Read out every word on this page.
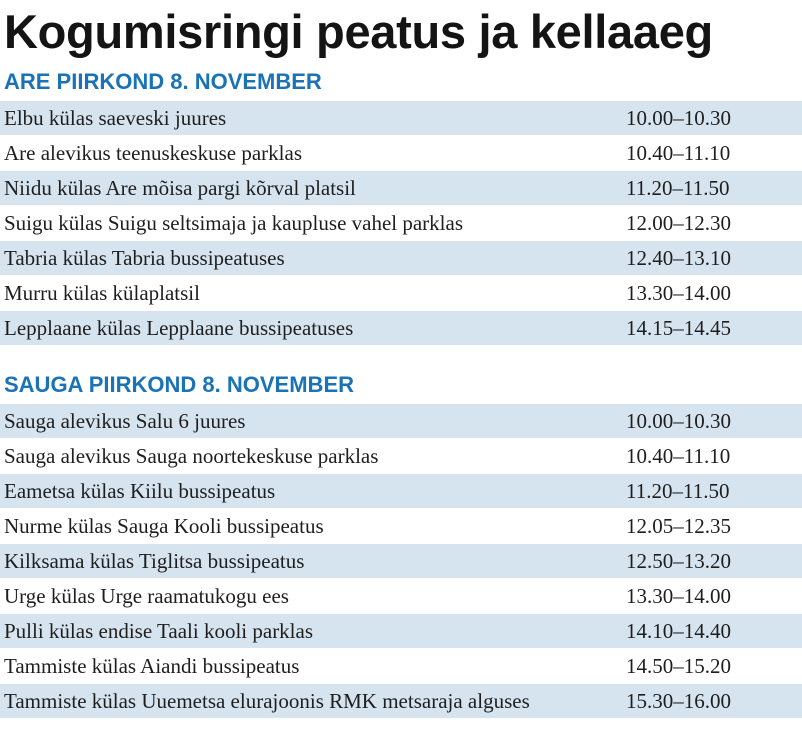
Kogumisringi peatus ja kellaaeg
ARE PIIRKOND 8. NOVEMBER
Elbu külas saeveski juures	10.00–10.30
Are alevikus teenuskeskuse parklas	10.40–11.10
Niidu külas Are mõisa pargi kõrval platsil	11.20–11.50
Suigu külas Suigu seltsimaja ja kaupluse vahel parklas	12.00–12.30
Tabria külas Tabria bussipeatuses	12.40–13.10
Murru külas külaplatsil	13.30–14.00
Lepplaane külas Lepplaane bussipeatuses	14.15–14.45
SAUGA PIIRKOND 8. NOVEMBER
Sauga alevikus Salu 6 juures	10.00–10.30
Sauga alevikus Sauga noortekeskuse parklas	10.40–11.10
Eametsa külas Kiilu bussipeatus	11.20–11.50
Nurme külas Sauga Kooli bussipeatus	12.05–12.35
Kilksama külas Tiglitsa bussipeatus	12.50–13.20
Urge külas Urge raamatukogu ees	13.30–14.00
Pulli külas endise Taali kooli parklas	14.10–14.40
Tammiste külas Aiandi bussipeatus	14.50–15.20
Tammiste külas Uuemetsa elurajoonis RMK metsaraja alguses	15.30–16.00
